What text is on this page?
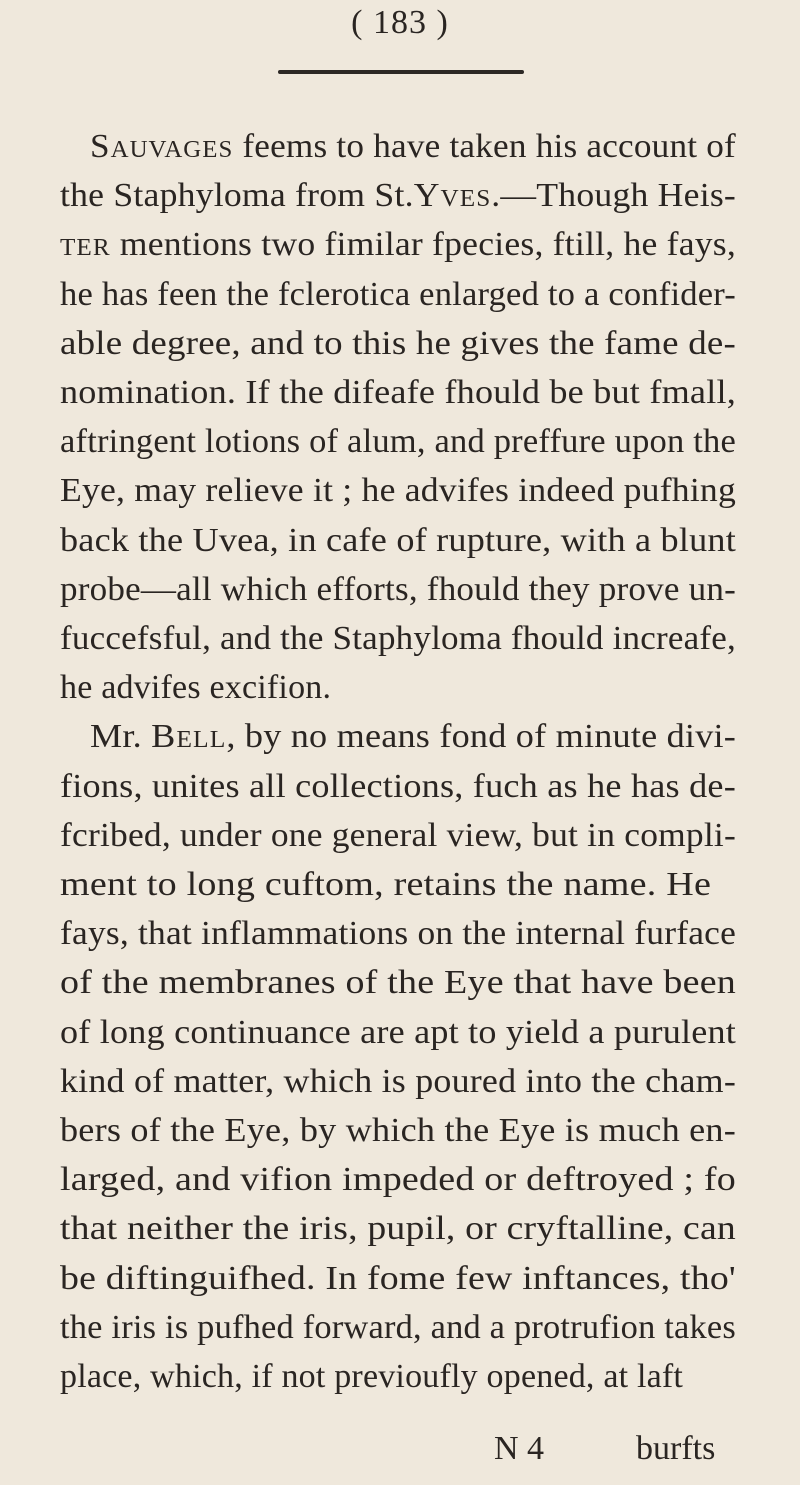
( 183 )
Sauvages feems to have taken his account of
the Staphyloma from St.Yves.—Though Heis-
ter mentions two fimilar fpecies, ftill, he fays,
he has feen the fclerotica enlarged to a confider-
able degree, and to this he gives the fame de-
nomination. If the difeafe fhould be but fmall,
aftringent lotions of alum, and preffure upon the
Eye, may relieve it ; he advifes indeed pufhing
back the Uvea, in cafe of rupture, with a blunt
probe—all which efforts, fhould they prove un-
fuccefsful, and the Staphyloma fhould increafe,
he advifes excifion.
Mr. Bell, by no means fond of minute divi-
fions, unites all collections, fuch as he has de-
fcribed, under one general view, but in compli-
ment to long cuftom, retains the name. He
fays, that inflammations on the internal furface
of the membranes of the Eye that have been
of long continuance are apt to yield a purulent
kind of matter, which is poured into the cham-
bers of the Eye, by which the Eye is much en-
larged, and vifion impeded or deftroyed ; fo
that neither the iris, pupil, or cryftalline, can
be diftinguifhed. In fome few inftances, tho'
the iris is pufhed forward, and a protrufion takes
place, which, if not previoufly opened, at laft
N 4	burfts
